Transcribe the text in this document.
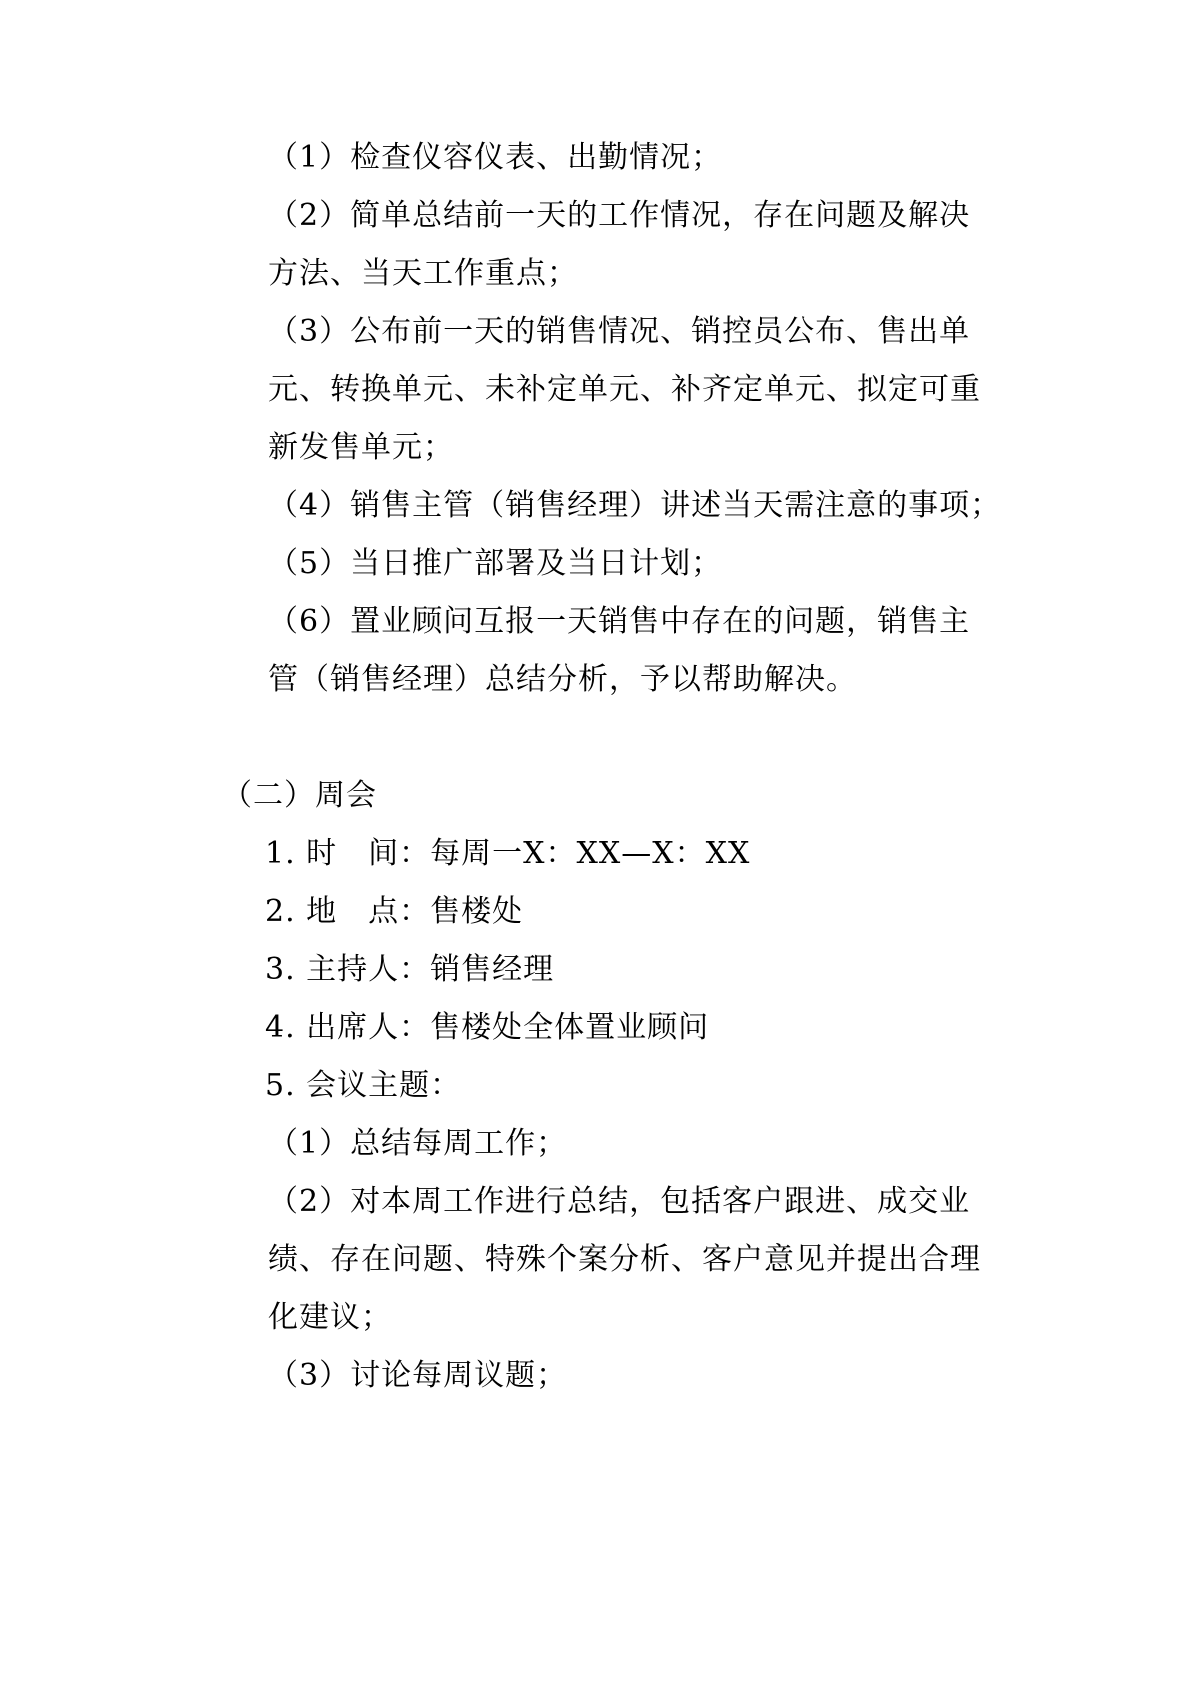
（1）检查仪容仪表、出勤情况；
（2）简单总结前一天的工作情况，存在问题及解决
方法、当天工作重点；
（3）公布前一天的销售情况、销控员公布、售出单
元、转换单元、未补定单元、补齐定单元、拟定可重
新发售单元；
（4）销售主管（销售经理）讲述当天需注意的事项；
（5）当日推广部署及当日计划；
（6）置业顾问互报一天销售中存在的问题，销售主
管（销售经理）总结分析，予以帮助解决。
（二）周会
1. 时　间：每周一X：XX—X：XX
2. 地　点：售楼处
3. 主持人：销售经理
4. 出席人：售楼处全体置业顾问
5. 会议主题：
（1）总结每周工作；
（2）对本周工作进行总结，包括客户跟进、成交业
绩、存在问题、特殊个案分析、客户意见并提出合理
化建议；
（3）讨论每周议题；
